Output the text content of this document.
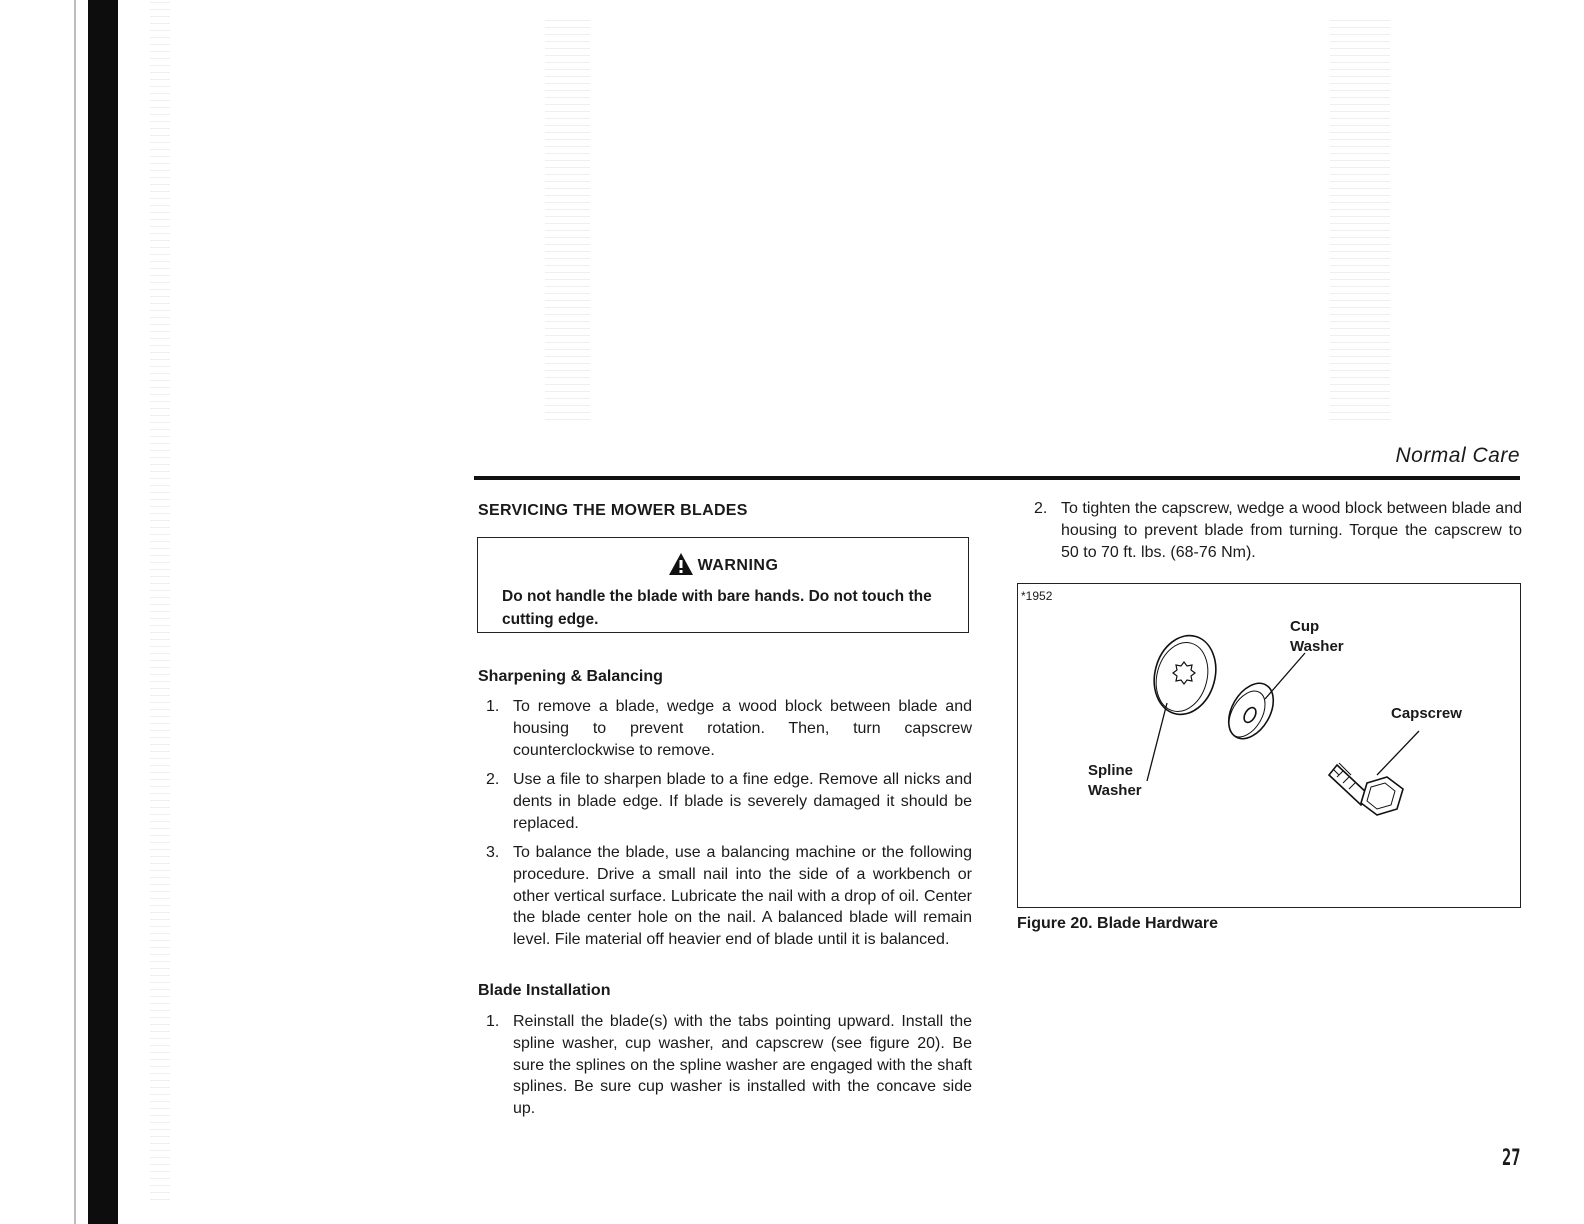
Normal Care
SERVICING THE MOWER BLADES
WARNING
Do not handle the blade with bare hands. Do not touch the cutting edge.
Sharpening & Balancing
1. To remove a blade, wedge a wood block between blade and housing to prevent rotation. Then, turn capscrew counterclockwise to remove.
2. Use a file to sharpen blade to a fine edge. Remove all nicks and dents in blade edge. If blade is severely damaged it should be replaced.
3. To balance the blade, use a balancing machine or the following procedure. Drive a small nail into the side of a workbench or other vertical surface. Lubricate the nail with a drop of oil. Center the blade center hole on the nail. A balanced blade will remain level. File material off heavier end of blade until it is balanced.
Blade Installation
1. Reinstall the blade(s) with the tabs pointing upward. Install the spline washer, cup washer, and capscrew (see figure 20). Be sure the splines on the spline washer are engaged with the shaft splines. Be sure cup washer is installed with the concave side up.
2. To tighten the capscrew, wedge a wood block between blade and housing to prevent blade from turning. Torque the capscrew to 50 to 70 ft. lbs. (68-76 Nm).
*1952
Cup
Washer
Capscrew
Spline
Washer
Figure 20. Blade Hardware
27
